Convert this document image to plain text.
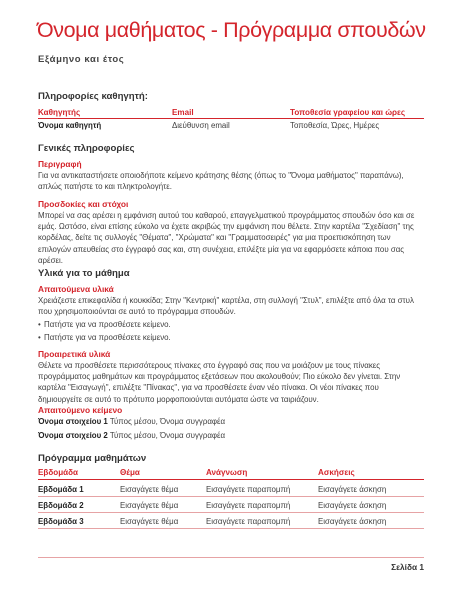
Όνομα μαθήματος - Πρόγραμμα σπουδών
Εξάμηνο και έτος
Πληροφορίες καθηγητή:
Καθηγητής	Email	Τοποθεσία γραφείου και ώρες
Όνομα καθηγητή	Διεύθυνση email	Τοποθεσία, Ώρες, Ημέρες
Γενικές πληροφορίες
Περιγραφή

Για να αντικαταστήσετε οποιοδήποτε κείμενο κράτησης θέσης (όπως το "Όνομα μαθήματος" παραπάνω), απλώς πατήστε το και πληκτρολογήτε.

Προσδοκίες και στόχοι

Μπορεί να σας αρέσει η εμφάνιση αυτού του καθαρού, επαγγελματικού προγράμματος σπουδών όσο και σε εμάς. Ωστόσο, είναι επίσης εύκολο να έχετε ακριβώς την εμφάνιση που θέλετε. Στην καρτέλα "Σχεδίαση" της κορδέλας, δείτε τις συλλογές "Θέματα", "Χρώματα" και "Γραμματοσειρές" για μια προεπισκόπηση των επιλογών απευθείας στο έγγραφό σας και, στη συνέχεια, επιλέξτε μία για να εφαρμόσετε κάποια που σας αρέσει.

Υλικά για το μάθημα
Απαιτούμενα υλικά

Χρειάζεστε επικεφαλίδα ή κουκκίδα; Στην "Κεντρική" καρτέλα, στη συλλογή "Στυλ", επιλέξτε από όλα τα στυλ που χρησιμοποιούνται σε αυτό το πρόγραμμα σπουδών.

• Πατήστε για να προσθέσετε κείμενο.
• Πατήστε για να προσθέσετε κείμενο.
Προαιρετικά υλικά

Θέλετε να προσθέσετε περισσότερους πίνακες στο έγγραφό σας που να μοιάζουν με τους πίνακες προγράμματος μαθημάτων και προγράμματος εξετάσεων που ακολουθούν; Πιο εύκολο δεν γίνεται. Στην καρτέλα "Εισαγωγή", επιλέξτε "Πίνακας", για να προσθέσετε έναν νέο πίνακα. Οι νέοι πίνακες που δημιουργείτε σε αυτό το πρότυπο μορφοποιούνται αυτόματα ώστε να ταιριάζουν.

Απαιτούμενο κείμενο
Όνομα στοιχείου 1 Τύπος μέσου, Όνομα συγγραφέα
Όνομα στοιχείου 2 Τύπος μέσου, Όνομα συγγραφέα
Πρόγραμμα μαθημάτων
Εβδομάδα	Θέμα	Ανάγνωση	Ασκήσεις
Εβδομάδα 1	Εισαγάγετε θέμα	Εισαγάγετε παραπομπή	Εισαγάγετε άσκηση
Εβδομάδα 2	Εισαγάγετε θέμα	Εισαγάγετε παραπομπή	Εισαγάγετε άσκηση
Εβδομάδα 3	Εισαγάγετε θέμα	Εισαγάγετε παραπομπή	Εισαγάγετε άσκηση
Σελίδα 1
